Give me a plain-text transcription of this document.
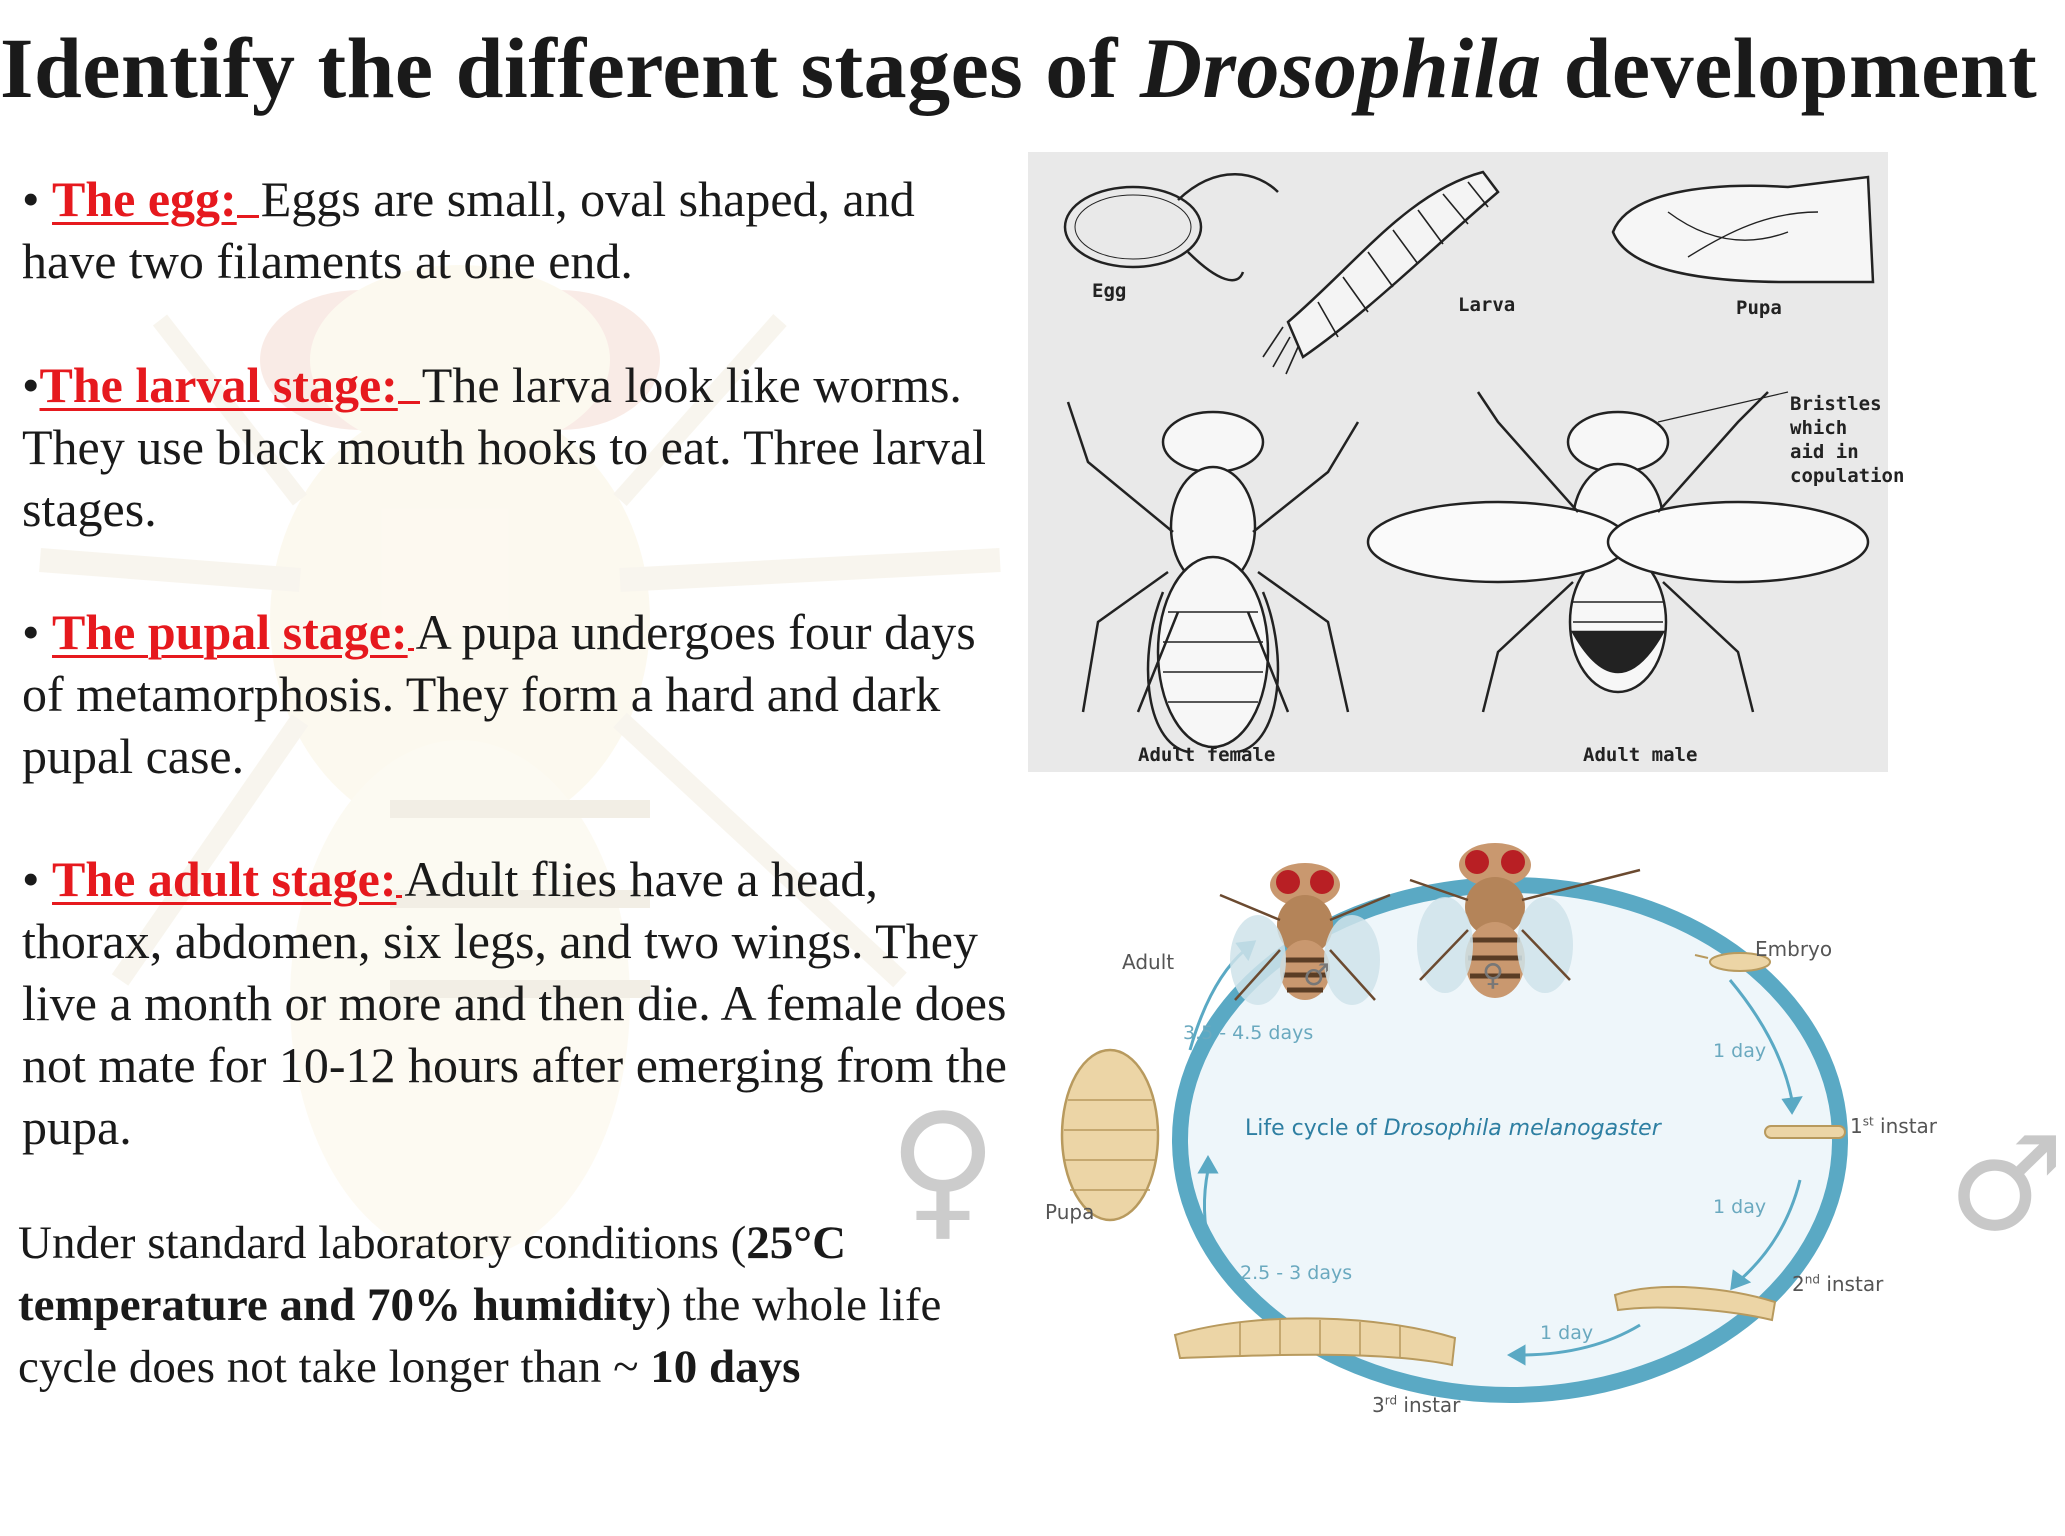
Identify the different stages of Drosophila development

• The egg: Eggs are small, oval shaped, and have two filaments at one end.

•The larval stage: The larva look like worms. They use black mouth hooks to eat. Three larval stages.

• The pupal stage: A pupa undergoes four days of metamorphosis. They form a hard and dark pupal case.

• The adult stage: Adult flies have a head, thorax, abdomen, six legs, and two wings. They live a month or more and then die. A female does not mate for 10-12 hours after emerging from the pupa.

Under standard laboratory conditions (25°C temperature and 70% humidity) the whole life cycle does not take longer than ~ 10 days

♀	♂
Egg
Larva	Pupa
Adult female	Adult male
Bristles which aid in copulation
♂	♀
Embryo
1st instar
2nd instar
3rd instar
Pupa
Adult
1 day
1 day
1 day
2.5 - 3 days
3.5 - 4.5 days
Life cycle of Drosophila melanogaster
